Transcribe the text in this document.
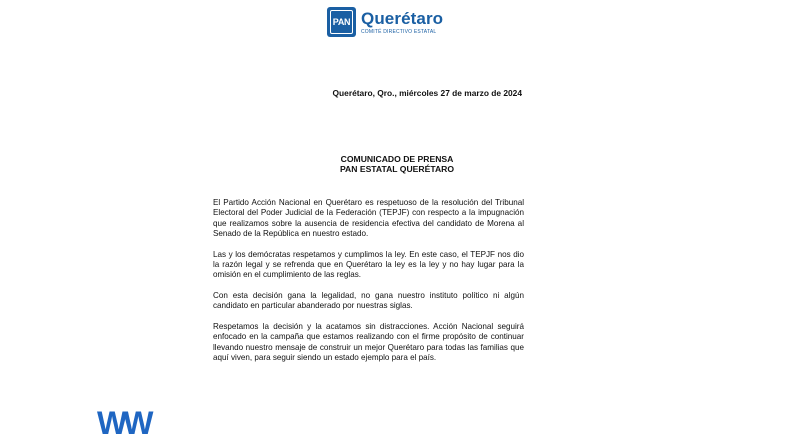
PAN Querétaro
COMITÉ DIRECTIVO ESTATAL
Querétaro, Qro., miércoles 27 de marzo de 2024
COMUNICADO DE PRENSA
PAN ESTATAL QUERÉTARO

El Partido Acción Nacional en Querétaro es respetuoso de la resolución del Tribunal Electoral del Poder Judicial de la Federación (TEPJF) con respecto a la impugnación que realizamos sobre la ausencia de residencia efectiva del candidato de Morena al Senado de la República en nuestro estado.

Las y los demócratas respetamos y cumplimos la ley. En este caso, el TEPJF nos dio la razón legal y se refrenda que en Querétaro la ley es la ley y no hay lugar para la omisión en el cumplimiento de las reglas.

Con esta decisión gana la legalidad, no gana nuestro instituto político ni algún candidato en particular abanderado por nuestras siglas.

Respetamos la decisión y la acatamos sin distracciones. Acción Nacional seguirá enfocado en la campaña que estamos realizando con el firme propósito de continuar llevando nuestro mensaje de construir un mejor Querétaro para todas las familias que aquí viven, para seguir siendo un estado ejemplo para el país.

WW
